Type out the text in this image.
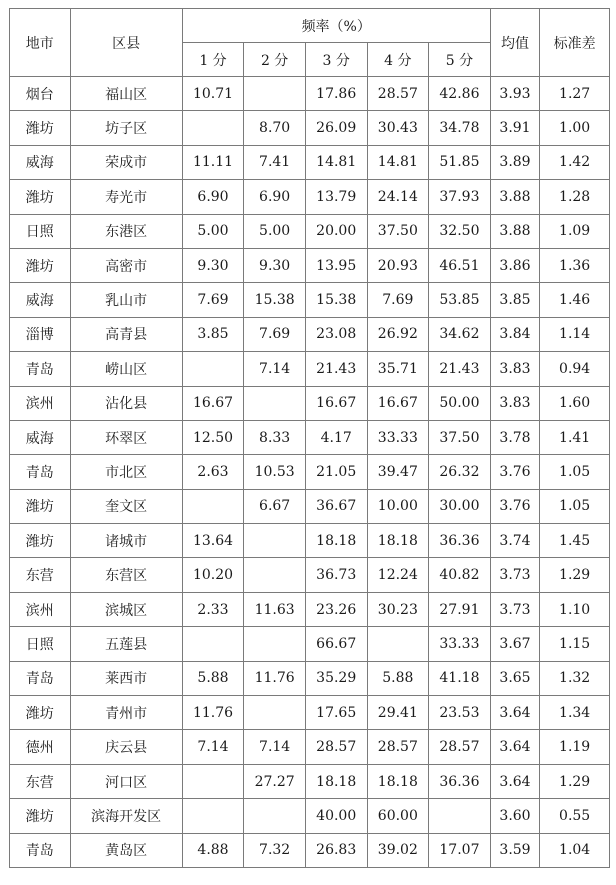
地市	区县	频率（%）					均值	标准差
		1 分	2 分	3 分	4 分	5 分		
烟台	福山区	10.71		17.86	28.57	42.86	3.93	1.27
潍坊	坊子区		8.70	26.09	30.43	34.78	3.91	1.00
威海	荣成市	11.11	7.41	14.81	14.81	51.85	3.89	1.42
潍坊	寿光市	6.90	6.90	13.79	24.14	37.93	3.88	1.28
日照	东港区	5.00	5.00	20.00	37.50	32.50	3.88	1.09
潍坊	高密市	9.30	9.30	13.95	20.93	46.51	3.86	1.36
威海	乳山市	7.69	15.38	15.38	7.69	53.85	3.85	1.46
淄博	高青县	3.85	7.69	23.08	26.92	34.62	3.84	1.14
青岛	崂山区		7.14	21.43	35.71	21.43	3.83	0.94
滨州	沾化县	16.67		16.67	16.67	50.00	3.83	1.60
威海	环翠区	12.50	8.33	4.17	33.33	37.50	3.78	1.41
青岛	市北区	2.63	10.53	21.05	39.47	26.32	3.76	1.05
潍坊	奎文区		6.67	36.67	10.00	30.00	3.76	1.05
潍坊	诸城市	13.64		18.18	18.18	36.36	3.74	1.45
东营	东营区	10.20		36.73	12.24	40.82	3.73	1.29
滨州	滨城区	2.33	11.63	23.26	30.23	27.91	3.73	1.10
日照	五莲县			66.67		33.33	3.67	1.15
青岛	莱西市	5.88	11.76	35.29	5.88	41.18	3.65	1.32
潍坊	青州市	11.76		17.65	29.41	23.53	3.64	1.34
德州	庆云县	7.14	7.14	28.57	28.57	28.57	3.64	1.19
东营	河口区		27.27	18.18	18.18	36.36	3.64	1.29
潍坊	滨海开发区			40.00	60.00		3.60	0.55
青岛	黄岛区	4.88	7.32	26.83	39.02	17.07	3.59	1.04
